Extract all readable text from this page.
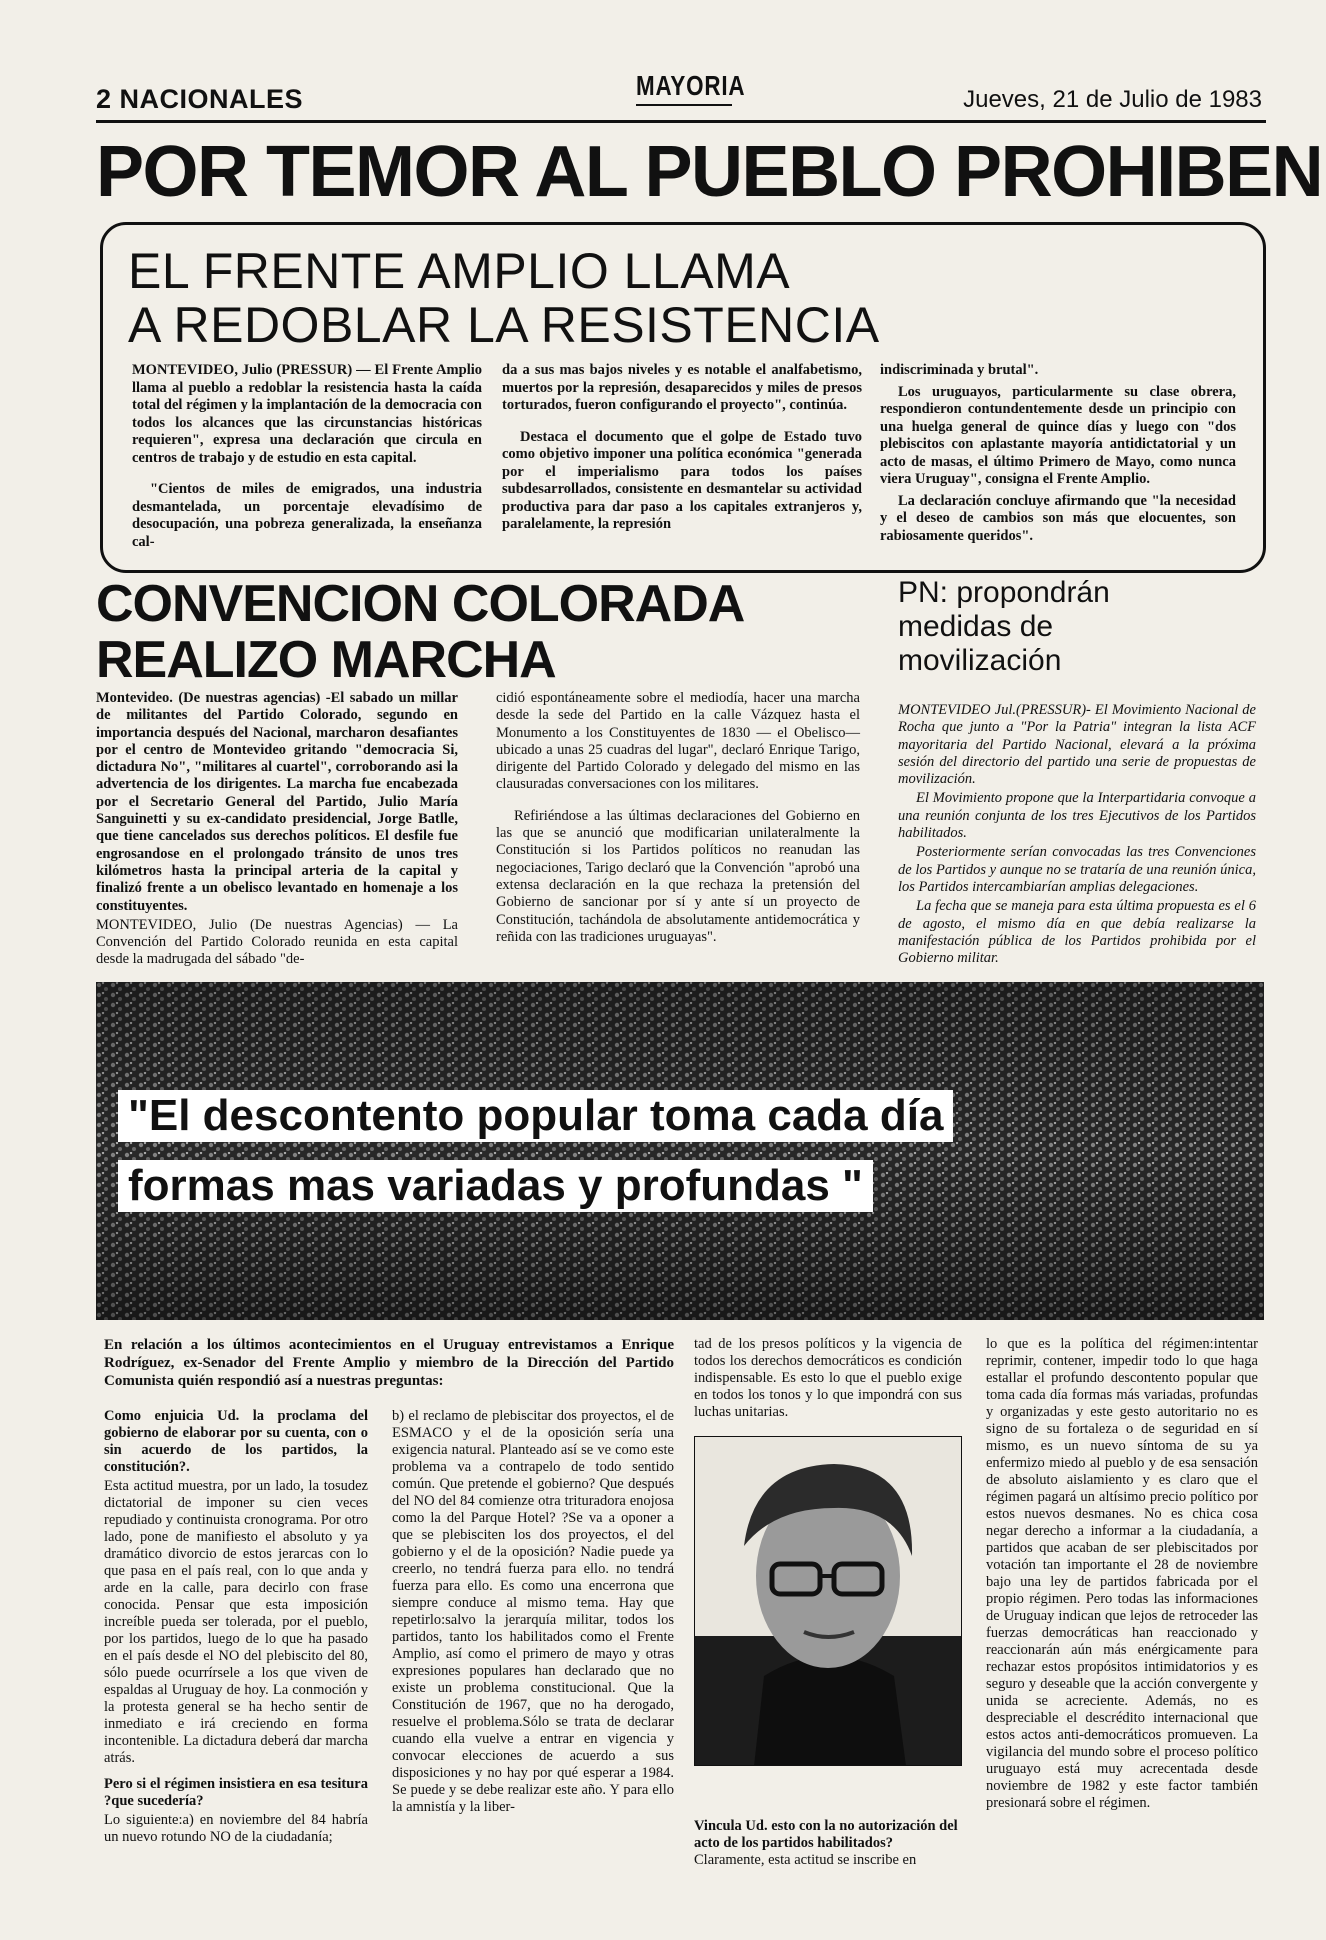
2 NACIONALES	MAYORIA	Jueves, 21 de Julio de 1983
POR TEMOR AL PUEBLO PROHIBEN
EL FRENTE AMPLIO LLAMA
A REDOBLAR LA RESISTENCIA

MONTEVIDEO, Julio (PRESSUR) — El Frente Amplio llama al pueblo a redoblar la resistencia hasta la caída total del régimen y la implantación de la democracia con todos los alcances que las circunstancias históricas requieren", expresa una declaración que circula en centros de trabajo y de estudio en esta capital.

"Cientos de miles de emigrados, una industria desmantelada, un porcentaje elevadísimo de desocupación, una pobreza generalizada, la enseñanza cal-

da a sus mas bajos niveles y es notable el analfabetismo, muertos por la represión, desaparecidos y miles de presos torturados, fueron configurando el proyecto", continúa.

Destaca el documento que el golpe de Estado tuvo como objetivo imponer una política económica "generada por el imperialismo para todos los países subdesarrollados, consistente en desmantelar su actividad productiva para dar paso a los capitales extranjeros y, paralelamente, la represión

indiscriminada y brutal".

Los uruguayos, particularmente su clase obrera, respondieron contundentemente desde un principio con una huelga general de quince días y luego con "dos plebiscitos con aplastante mayoría antidictatorial y un acto de masas, el último Primero de Mayo, como nunca viera Uruguay", consigna el Frente Amplio.

La declaración concluye afirmando que "la necesidad y el deseo de cambios son más que elocuentes, son rabiosamente queridos".

CONVENCION COLORADA
REALIZO MARCHA

Montevideo. (De nuestras agencias) -El sabado un millar de militantes del Partido Colorado, segundo en importancia después del Nacional, marcharon desafiantes por el centro de Montevideo gritando "democracia Si, dictadura No", "militares al cuartel", corroborando asi la advertencia de los dirigentes. La marcha fue encabezada por el Secretario General del Partido, Julio María Sanguinetti y su ex-candidato presidencial, Jorge Batlle, que tiene cancelados sus derechos políticos. El desfile fue engrosandose en el prolongado tránsito de unos tres kilómetros hasta la principal arteria de la capital y finalizó frente a un obelisco levantado en homenaje a los constituyentes.

MONTEVIDEO, Julio (De nuestras Agencias) — La Convención del Partido Colorado reunida en esta capital desde la madrugada del sábado "de-

cidió espontáneamente sobre el mediodía, hacer una marcha desde la sede del Partido en la calle Vázquez hasta el Monumento a los Constituyentes de 1830 — el Obelisco— ubicado a unas 25 cuadras del lugar", declaró Enrique Tarigo, dirigente del Partido Colorado y delegado del mismo en las clausuradas conversaciones con los militares.

Refiriéndose a las últimas declaraciones del Gobierno en las que se anunció que modificarian unilateralmente la Constitución si los Partidos políticos no reanudan las negociaciones, Tarigo declaró que la Convención "aprobó una extensa declaración en la que rechaza la pretensión del Gobierno de sancionar por sí y ante sí un proyecto de Constitución, tachándola de absolutamente antidemocrática y reñida con las tradiciones uruguayas".

PN: propondrán medidas de movilización

MONTEVIDEO Jul.(PRESSUR)- El Movimiento Nacional de Rocha que junto a "Por la Patria" integran la lista ACF mayoritaria del Partido Nacional, elevará a la próxima sesión del directorio del partido una serie de propuestas de movilización.

El Movimiento propone que la Interpartidaria convoque a una reunión conjunta de los tres Ejecutivos de los Partidos habilitados.

Posteriormente serían convocadas las tres Convenciones de los Partidos y aunque no se trataría de una reunión única, los Partidos intercambiarían amplias delegaciones.

La fecha que se maneja para esta última propuesta es el 6 de agosto, el mismo día en que debía realizarse la manifestación pública de los Partidos prohibida por el Gobierno militar.

"El descontento popular toma cada día
formas mas variadas y profundas "
En relación a los últimos acontecimientos en el Uruguay entrevistamos a Enrique Rodríguez, ex-Senador del Frente Amplio y miembro de la Dirección del Partido Comunista quién respondió así a nuestras preguntas:

Como enjuicia Ud. la proclama del gobierno de elaborar por su cuenta, con o sin acuerdo de los partidos, la constitución?.

Esta actitud muestra, por un lado, la tosudez dictatorial de imponer su cien veces repudiado y continuista cronograma. Por otro lado, pone de manifiesto el absoluto y ya dramático divorcio de estos jerarcas con lo que pasa en el país real, con lo que anda y arde en la calle, para decirlo con frase conocida. Pensar que esta imposición increíble pueda ser tolerada, por el pueblo, por los partidos, luego de lo que ha pasado en el país desde el NO del plebiscito del 80, sólo puede ocurrírsele a los que viven de espaldas al Uruguay de hoy. La conmoción y la protesta general se ha hecho sentir de inmediato e irá creciendo en forma incontenible. La dictadura deberá dar marcha atrás.

Pero si el régimen insistiera en esa tesitura ?que sucedería?

Lo siguiente:a) en noviembre del 84 habría un nuevo rotundo NO de la ciudadanía;

b) el reclamo de plebiscitar dos proyectos, el de ESMACO y el de la oposición sería una exigencia natural. Planteado así se ve como este problema va a contrapelo de todo sentido común. Que pretende el gobierno? Que después del NO del 84 comienze otra trituradora enojosa como la del Parque Hotel? ?Se va a oponer a que se plebisciten los dos proyectos, el del gobierno y el de la oposición? Nadie puede ya creerlo, no tendrá fuerza para ello. no tendrá fuerza para ello. Es como una encerrona que siempre conduce al mismo tema. Hay que repetirlo:salvo la jerarquía militar, todos los partidos, tanto los habilitados como el Frente Amplio, así como el primero de mayo y otras expresiones populares han declarado que no existe un problema constitucional. Que la Constitución de 1967, que no ha derogado, resuelve el problema.Sólo se trata de declarar cuando ella vuelve a entrar en vigencia y convocar elecciones de acuerdo a sus disposiciones y no hay por qué esperar a 1984. Se puede y se debe realizar este año. Y para ello la amnistía y la liber-

tad de los presos políticos y la vigencia de todos los derechos democráticos es condición indispensable. Es esto lo que el pueblo exige en todos los tonos y lo que impondrá con sus luchas unitarias.

Vincula Ud. esto con la no autorización del acto de los partidos habilitados?
Claramente, esta actitud se inscribe en

lo que es la política del régimen:intentar reprimir, contener, impedir todo lo que haga estallar el profundo descontento popular que toma cada día formas más variadas, profundas y organizadas y este gesto autoritario no es signo de su fortaleza o de seguridad en sí mismo, es un nuevo síntoma de su ya enfermizo miedo al pueblo y de esa sensación de absoluto aislamiento y es claro que el régimen pagará un altísimo precio político por estos nuevos desmanes. No es chica cosa negar derecho a informar a la ciudadanía, a partidos que acaban de ser plebiscitados por votación tan importante el 28 de noviembre bajo una ley de partidos fabricada por el propio régimen. Pero todas las informaciones de Uruguay indican que lejos de retroceder las fuerzas democráticas han reaccionado y reaccionarán aún más enérgicamente para rechazar estos propósitos intimidatorios y es seguro y deseable que la acción convergente y unida se acreciente. Además, no es despreciable el descrédito internacional que estos actos anti-democráticos promueven. La vigilancia del mundo sobre el proceso político uruguayo está muy acrecentada desde noviembre de 1982 y este factor también presionará sobre el régimen.
